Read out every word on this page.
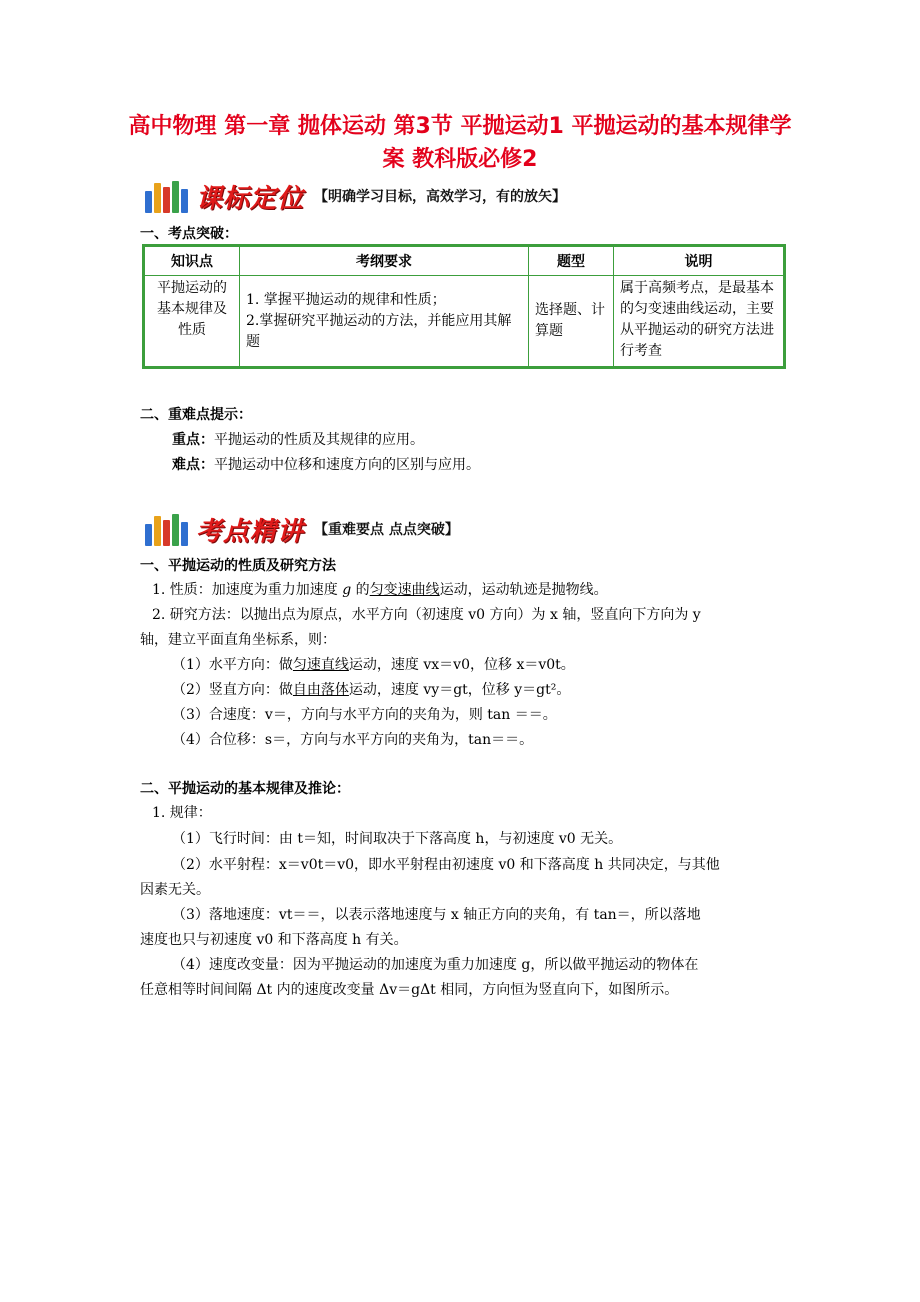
高中物理 第一章 抛体运动 第3节 平抛运动1 平抛运动的基本规律学
案 教科版必修2
课标定位 【明确学习目标，高效学习，有的放矢】

一、考点突破：

知识点	考纲要求	题型	说明
平抛运动的基本规律及性质	1. 掌握平抛运动的规律和性质；
2.掌握研究平抛运动的方法，并能应用其解题	选择题、计算题	属于高频考点，是最基本的匀变速曲线运动，主要从平抛运动的研究方法进行考查

二、重难点提示：

重点：平抛运动的性质及其规律的应用。

难点：平抛运动中位移和速度方向的区别与应用。

考点精讲 【重难要点 点点突破】

一、平抛运动的性质及研究方法

1. 性质：加速度为重力加速度 g 的匀变速曲线运动，运动轨迹是抛物线。

2. 研究方法：以抛出点为原点，水平方向（初速度 v0 方向）为 x 轴，竖直向下方向为 y

轴，建立平面直角坐标系，则：

（1）水平方向：做匀速直线运动，速度 vx＝v0，位移 x＝v0t。

（2）竖直方向：做自由落体运动，速度 vy＝gt，位移 y＝gt²。

（3）合速度：v＝，方向与水平方向的夹角为，则 tan ＝＝。

（4）合位移：s＝，方向与水平方向的夹角为，tan＝＝。

二、平抛运动的基本规律及推论：

1. 规律：

（1）飞行时间：由 t＝知，时间取决于下落高度 h，与初速度 v0 无关。

（2）水平射程：x＝v0t＝v0，即水平射程由初速度 v0 和下落高度 h 共同决定，与其他

因素无关。

（3）落地速度：vt＝＝，以表示落地速度与 x 轴正方向的夹角，有 tan＝，所以落地

速度也只与初速度 v0 和下落高度 h 有关。

（4）速度改变量：因为平抛运动的加速度为重力加速度 g，所以做平抛运动的物体在

任意相等时间间隔 Δt 内的速度改变量 Δv＝gΔt 相同，方向恒为竖直向下，如图所示。
